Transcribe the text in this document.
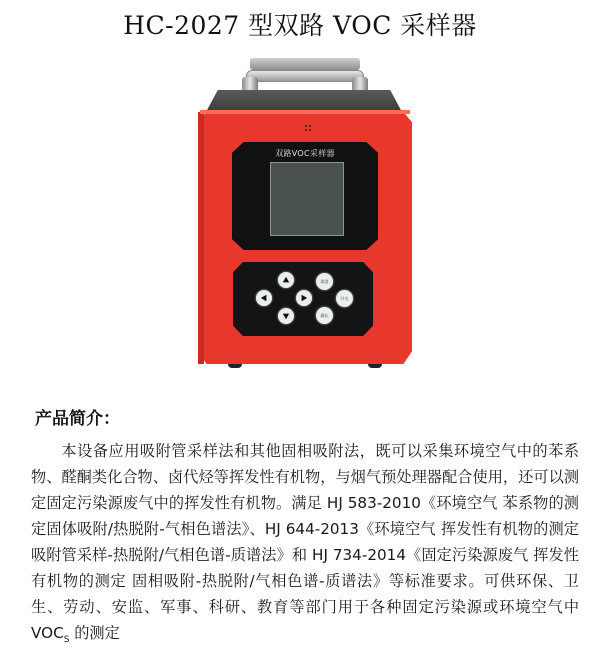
HC-2027 型双路 VOC 采样器
双路VOC采样器
取消
开关
确认
产品简介：

本设备应用吸附管采样法和其他固相吸附法，既可以采集环境空气中的苯系物、醛酮类化合物、卤代烃等挥发性有机物，与烟气预处理器配合使用，还可以测定固定污染源废气中的挥发性有机物。满足 HJ 583-2010《环境空气 苯系物的测定固体吸附/热脱附-气相色谱法》、HJ 644-2013《环境空气 挥发性有机物的测定 吸附管采样-热脱附/气相色谱-质谱法》和 HJ 734-2014《固定污染源废气 挥发性有机物的测定 固相吸附-热脱附/气相色谱-质谱法》等标准要求。可供环保、卫生、劳动、安监、军事、科研、教育等部门用于各种固定污染源或环境空气中 $VOC_S$ 的测定
